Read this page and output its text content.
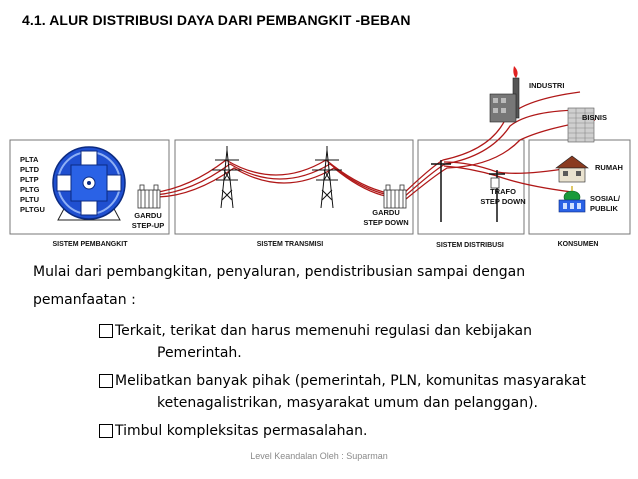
4.1. ALUR DISTRIBUSI DAYA DARI PEMBANGKIT -BEBAN
PLTA
PLTD
PLTP
PLTG
PLTU
PLTGU
GARDU
STEP-UP
GARDU
STEP DOWN
TRAFO
STEP DOWN
INDUSTRI
BISNIS
RUMAH
SOSIAL/
PUBLIK
SISTEM PEMBANGKIT	SISTEM TRANSMISI	SISTEM DISTRIBUSI	KONSUMEN
Mulai dari pembangkitan, penyaluran, pendistribusian sampai dengan
pemanfaatan :
Terkait, terikat dan harus memenuhi regulasi dan kebijakan
Pemerintah.
Melibatkan banyak pihak (pemerintah, PLN, komunitas masyarakat
ketenagalistrikan, masyarakat umum dan pelanggan).
Timbul kompleksitas permasalahan.
Level Keandalan Oleh : Suparman
